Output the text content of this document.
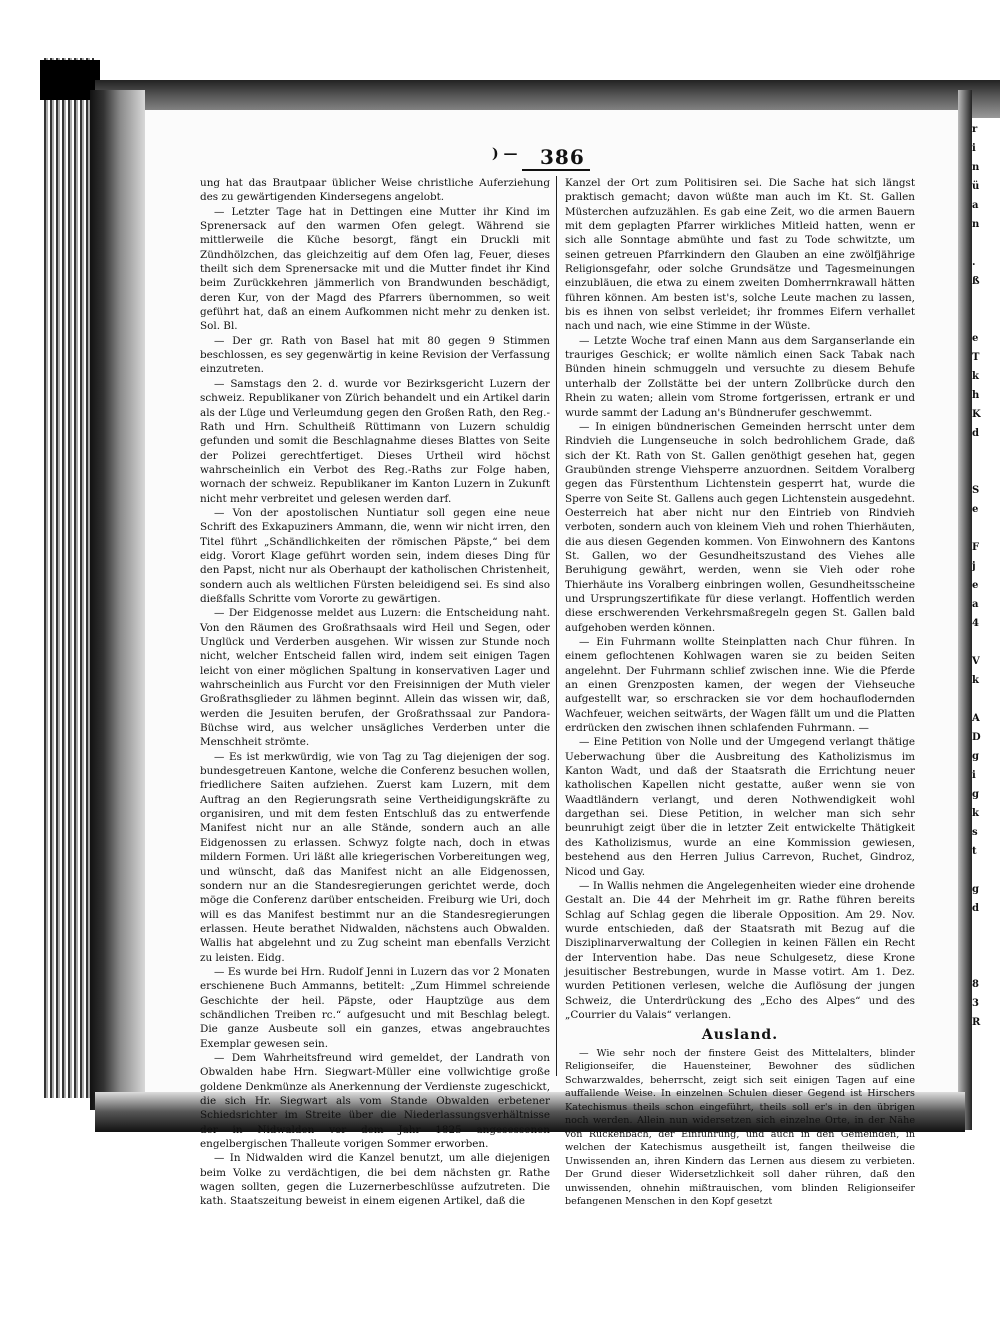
r
i
n
ü
a
n

.
ß

e
T
k
h
K
d

S
e

F
j
e
a
4

V
k

A
D
g
i
g
k
s
t

g
d

8
3
R
) — 386

ung hat das Brautpaar üblicher Weise christliche Auferziehung des zu gewärtigenden Kindersegens angelobt.

— Letzter Tage hat in Dettingen eine Mutter ihr Kind im Sprenersack auf den warmen Ofen gelegt. Während sie mittlerweile die Küche besorgt, fängt ein Druckli mit Zündhölzchen, das gleichzeitig auf dem Ofen lag, Feuer, dieses theilt sich dem Sprenersacke mit und die Mutter findet ihr Kind beim Zurückkehren jämmerlich von Brandwunden beschädigt, deren Kur, von der Magd des Pfarrers übernommen, so weit geführt hat, daß an einem Aufkommen nicht mehr zu denken ist. Sol. Bl.

— Der gr. Rath von Basel hat mit 80 gegen 9 Stimmen beschlossen, es sey gegenwärtig in keine Revision der Verfassung einzutreten.

— Samstags den 2. d. wurde vor Bezirksgericht Luzern der schweiz. Republikaner von Zürich behandelt und ein Artikel darin als der Lüge und Verleumdung gegen den Großen Rath, den Reg.-Rath und Hrn. Schultheiß Rüttimann von Luzern schuldig gefunden und somit die Beschlagnahme dieses Blattes von Seite der Polizei gerechtfertiget. Dieses Urtheil wird höchst wahrscheinlich ein Verbot des Reg.-Raths zur Folge haben, wornach der schweiz. Republikaner im Kanton Luzern in Zukunft nicht mehr verbreitet und gelesen werden darf.

— Von der apostolischen Nuntiatur soll gegen eine neue Schrift des Exkapuziners Ammann, die, wenn wir nicht irren, den Titel führt „Schändlichkeiten der römischen Päpste,“ bei dem eidg. Vorort Klage geführt worden sein, indem dieses Ding für den Papst, nicht nur als Oberhaupt der katholischen Christenheit, sondern auch als weltlichen Fürsten beleidigend sei. Es sind also dießfalls Schritte vom Vororte zu gewärtigen.

— Der Eidgenosse meldet aus Luzern: die Entscheidung naht. Von den Räumen des Großrathsaals wird Heil und Segen, oder Unglück und Verderben ausgehen. Wir wissen zur Stunde noch nicht, welcher Entscheid fallen wird, indem seit einigen Tagen leicht von einer möglichen Spaltung in konservativen Lager und wahrscheinlich aus Furcht vor den Freisinnigen der Muth vieler Großrathsglieder zu lähmen beginnt. Allein das wissen wir, daß, werden die Jesuiten berufen, der Großrathssaal zur Pandora-Büchse wird, aus welcher unsägliches Verderben unter die Menschheit strömte.

— Es ist merkwürdig, wie von Tag zu Tag diejenigen der sog. bundesgetreuen Kantone, welche die Conferenz besuchen wollen, friedlichere Saiten aufziehen. Zuerst kam Luzern, mit dem Auftrag an den Regierungsrath seine Vertheidigungskräfte zu organisiren, und mit dem festen Entschluß das zu entwerfende Manifest nicht nur an alle Stände, sondern auch an alle Eidgenossen zu erlassen. Schwyz folgte nach, doch in etwas mildern Formen. Uri läßt alle kriegerischen Vorbereitungen weg, und wünscht, daß das Manifest nicht an alle Eidgenossen, sondern nur an die Standesregierungen gerichtet werde, doch möge die Conferenz darüber entscheiden. Freiburg wie Uri, doch will es das Manifest bestimmt nur an die Standesregierungen erlassen. Heute berathet Nidwalden, nächstens auch Obwalden. Wallis hat abgelehnt und zu Zug scheint man ebenfalls Verzicht zu leisten. Eidg.

— Es wurde bei Hrn. Rudolf Jenni in Luzern das vor 2 Monaten erschienene Buch Ammanns, betitelt: „Zum Himmel schreiende Geschichte der heil. Päpste, oder Hauptzüge aus dem schändlichen Treiben rc.“ aufgesucht und mit Beschlag belegt. Die ganze Ausbeute soll ein ganzes, etwas angebrauchtes Exemplar gewesen sein.

— Dem Wahrheitsfreund wird gemeldet, der Landrath von Obwalden habe Hrn. Siegwart-Müller eine vollwichtige große goldene Denkmünze als Anerkennung der Verdienste zugeschickt, die sich Hr. Siegwart als vom Stande Obwalden erbetener Schiedsrichter im Streite über die Niederlassungsverhältnisse der in Nidwalden vor dem Jahr 1825 angesessenen engelbergischen Thalleute vorigen Sommer erworben.

— In Nidwalden wird die Kanzel benutzt, um alle diejenigen beim Volke zu verdächtigen, die bei dem nächsten gr. Rathe wagen sollten, gegen die Luzernerbeschlüsse aufzutreten. Die kath. Staatszeitung beweist in einem eigenen Artikel, daß die

Kanzel der Ort zum Politisiren sei. Die Sache hat sich längst praktisch gemacht; davon wüßte man auch im Kt. St. Gallen Müsterchen aufzuzählen. Es gab eine Zeit, wo die armen Bauern mit dem geplagten Pfarrer wirkliches Mitleid hatten, wenn er sich alle Sonntage abmühte und fast zu Tode schwitzte, um seinen getreuen Pfarrkindern den Glauben an eine zwölfjährige Religionsgefahr, oder solche Grundsätze und Tagesmeinungen einzubläuen, die etwa zu einem zweiten Domherrnkrawall hätten führen können. Am besten ist's, solche Leute machen zu lassen, bis es ihnen von selbst verleidet; ihr frommes Eifern verhallet nach und nach, wie eine Stimme in der Wüste.

— Letzte Woche traf einen Mann aus dem Sarganserlande ein trauriges Geschick; er wollte nämlich einen Sack Tabak nach Bünden hinein schmuggeln und versuchte zu diesem Behufe unterhalb der Zollstätte bei der untern Zollbrücke durch den Rhein zu waten; allein vom Strome fortgerissen, ertrank er und wurde sammt der Ladung an's Bündnerufer geschwemmt.

— In einigen bündnerischen Gemeinden herrscht unter dem Rindvieh die Lungenseuche in solch bedrohlichem Grade, daß sich der Kt. Rath von St. Gallen genöthigt gesehen hat, gegen Graubünden strenge Viehsperre anzuordnen. Seitdem Voralberg gegen das Fürstenthum Lichtenstein gesperrt hat, wurde die Sperre von Seite St. Gallens auch gegen Lichtenstein ausgedehnt. Oesterreich hat aber nicht nur den Eintrieb von Rindvieh verboten, sondern auch von kleinem Vieh und rohen Thierhäuten, die aus diesen Gegenden kommen. Von Einwohnern des Kantons St. Gallen, wo der Gesundheitszustand des Viehes alle Beruhigung gewährt, werden, wenn sie Vieh oder rohe Thierhäute ins Voralberg einbringen wollen, Gesundheitsscheine und Ursprungszertifikate für diese verlangt. Hoffentlich werden diese erschwerenden Verkehrsmaßregeln gegen St. Gallen bald aufgehoben werden können.

— Ein Fuhrmann wollte Steinplatten nach Chur führen. In einem geflochtenen Kohlwagen waren sie zu beiden Seiten angelehnt. Der Fuhrmann schlief zwischen inne. Wie die Pferde an einen Grenzposten kamen, der wegen der Viehseuche aufgestellt war, so erschracken sie vor dem hochauflodernden Wachfeuer, weichen seitwärts, der Wagen fällt um und die Platten erdrücken den zwischen ihnen schlafenden Fuhrmann. —

— Eine Petition von Nolle und der Umgegend verlangt thätige Ueberwachung über die Ausbreitung des Katholizismus im Kanton Wadt, und daß der Staatsrath die Errichtung neuer katholischen Kapellen nicht gestatte, außer wenn sie von Waadtländern verlangt, und deren Nothwendigkeit wohl dargethan sei. Diese Petition, in welcher man sich sehr beunruhigt zeigt über die in letzter Zeit entwickelte Thätigkeit des Katholizismus, wurde an eine Kommission gewiesen, bestehend aus den Herren Julius Carrevon, Ruchet, Gindroz, Nicod und Gay.

— In Wallis nehmen die Angelegenheiten wieder eine drohende Gestalt an. Die 44 der Mehrheit im gr. Rathe führen bereits Schlag auf Schlag gegen die liberale Opposition. Am 29. Nov. wurde entschieden, daß der Staatsrath mit Bezug auf die Disziplinarverwaltung der Collegien in keinen Fällen ein Recht der Intervention habe. Das neue Schulgesetz, diese Krone jesuitischer Bestrebungen, wurde in Masse votirt. Am 1. Dez. wurden Petitionen verlesen, welche die Auflösung der jungen Schweiz, die Unterdrückung des „Echo des Alpes“ und des „Courrier du Valais“ verlangen.

Ausland.

— Wie sehr noch der finstere Geist des Mittelalters, blinder Religionseifer, die Hauensteiner, Bewohner des südlichen Schwarzwaldes, beherrscht, zeigt sich seit einigen Tagen auf eine auffallende Weise. In einzelnen Schulen dieser Gegend ist Hirschers Katechismus theils schon eingeführt, theils soll er's in den übrigen noch werden. Allein nun widersetzen sich einzelne Orte, in der Nähe von Rückenbach, der Einführung, und auch in den Gemeinden, in welchen der Katechismus ausgetheilt ist, fangen theilweise die Unwissenden an, ihren Kindern das Lernen aus diesem zu verbieten. Der Grund dieser Widersetzlichkeit soll daher rühren, daß den unwissenden, ohnehin mißtrauischen, vom blinden Religionseifer befangenen Menschen in den Kopf gesetzt
